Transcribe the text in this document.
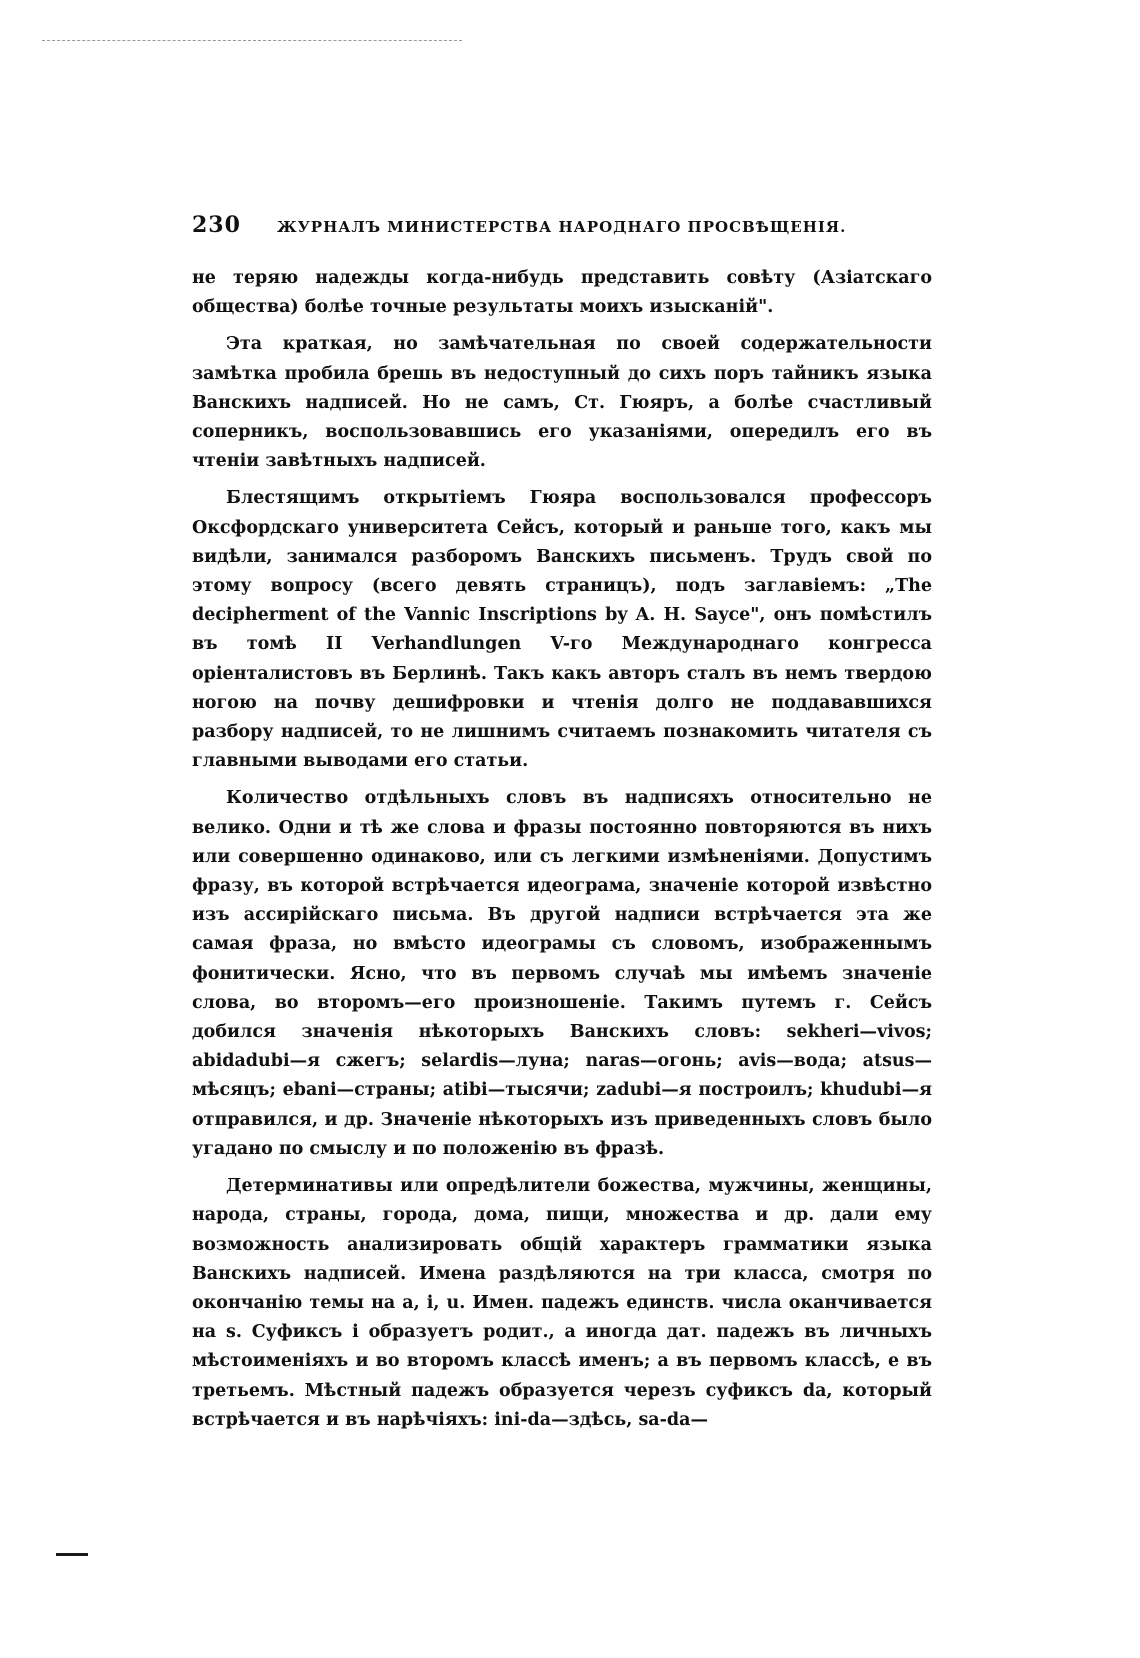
230 ЖУРНАЛЪ МИНИСТЕРСТВА НАРОДНАГО ПРОСВѢЩЕНІЯ.

не теряю надежды когда-нибудь представить совѣту (Азіатскаго общества) болѣе точные результаты моихъ изысканій".

Эта краткая, но замѣчательная по своей содержательности замѣтка пробила брешь въ недоступный до сихъ поръ тайникъ языка Ванскихъ надписей. Но не самъ, Ст. Гюяръ, а болѣе счастливый соперникъ, воспользовавшись его указаніями, опередилъ его въ чтеніи завѣтныхъ надписей.

Блестящимъ открытіемъ Гюяра воспользовался профессоръ Оксфордскаго университета Сейсъ, который и раньше того, какъ мы видѣли, занимался разборомъ Ванскихъ письменъ. Трудъ свой по этому вопросу (всего девять страницъ), подъ заглавіемъ: „The decipherment of the Vannic Inscriptions by A. H. Sayce", онъ помѣстилъ въ томѣ II Verhandlungen V-го Международнаго конгресса оріенталистовъ въ Берлинѣ. Такъ какъ авторъ сталъ въ немъ твердою ногою на почву дешифровки и чтенія долго не поддававшихся разбору надписей, то не лишнимъ считаемъ познакомить читателя съ главными выводами его статьи.

Количество отдѣльныхъ словъ въ надписяхъ относительно не велико. Одни и тѣ же слова и фразы постоянно повторяются въ нихъ или совершенно одинаково, или съ легкими измѣненіями. Допустимъ фразу, въ которой встрѣчается идеограма, значеніе которой извѣстно изъ ассирійскаго письма. Въ другой надписи встрѣчается эта же самая фраза, но вмѣсто идеограмы съ словомъ, изображеннымъ фонитически. Ясно, что въ первомъ случаѣ мы имѣемъ значеніе слова, во второмъ—его произношеніе. Такимъ путемъ г. Сейсъ добился значенія нѣкоторыхъ Ванскихъ словъ: sekheri—vivos; abidadubi—я сжегъ; selardis—луна; naras—огонь; avis—вода; atsus—мѣсяцъ; ebani—страны; atibi—тысячи; zadubi—я построилъ; khudubi—я отправился, и др. Значеніе нѣкоторыхъ изъ приведенныхъ словъ было угадано по смыслу и по положенію въ фразѣ.

Детерминативы или опредѣлители божества, мужчины, женщины, народа, страны, города, дома, пищи, множества и др. дали ему возможность анализировать общій характеръ грамматики языка Ванскихъ надписей. Имена раздѣляются на три класса, смотря по окончанію темы на a, i, u. Имен. падежъ единств. числа оканчивается на s. Суфиксъ i образуетъ родит., а иногда дат. падежъ въ личныхъ мѣстоименіяхъ и во второмъ классѣ именъ; a въ первомъ классѣ, e въ третьемъ. Мѣстный падежъ образуется черезъ суфиксъ da, который встрѣчается и въ нарѣчіяхъ: ini-da—здѣсь, sa-da—
